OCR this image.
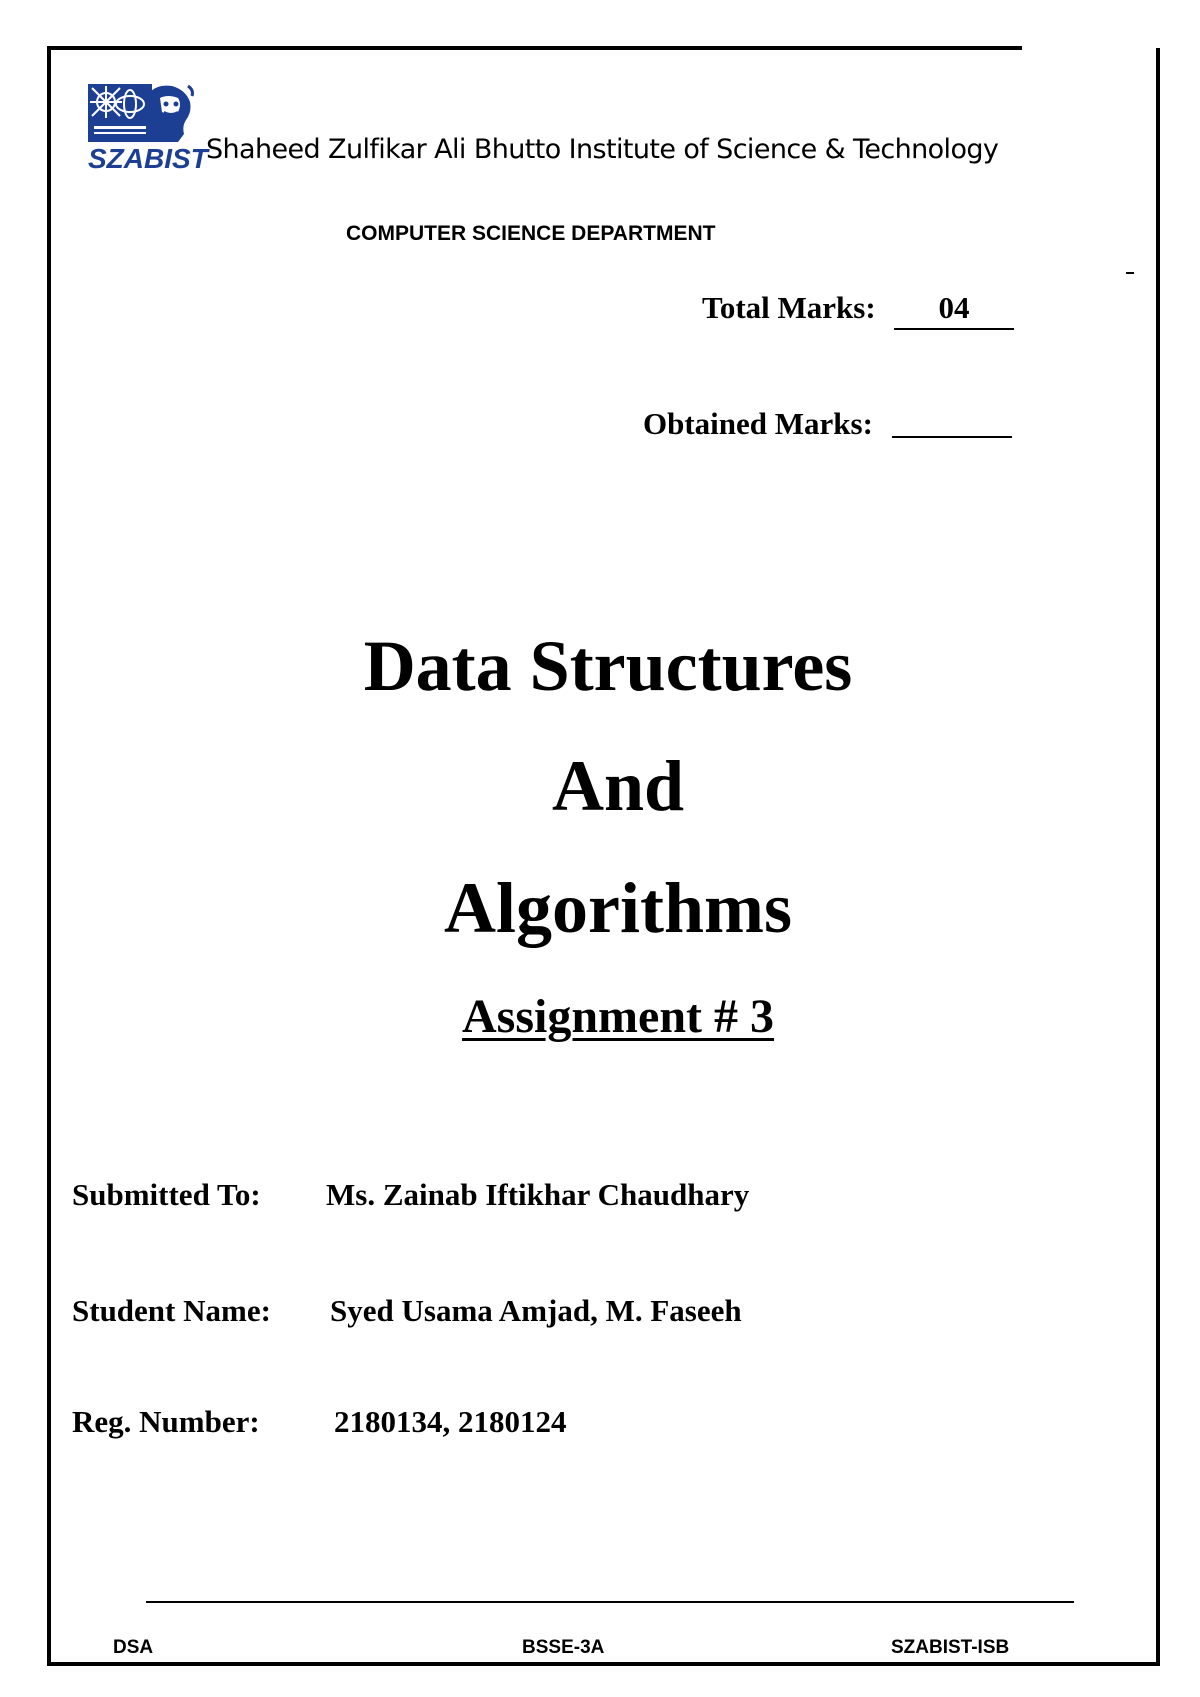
SZABIST
Shaheed Zulfikar Ali Bhutto Institute of Science & Technology
COMPUTER SCIENCE DEPARTMENT
Total Marks:	04
Obtained Marks:
Data Structures
And
Algorithms
Assignment # 3
Submitted To: Ms. Zainab Iftikhar Chaudhary
Student Name: Syed Usama Amjad, M. Faseeh
Reg. Number: 2180134, 2180124
DSA	BSSE-3A	SZABIST-ISB
